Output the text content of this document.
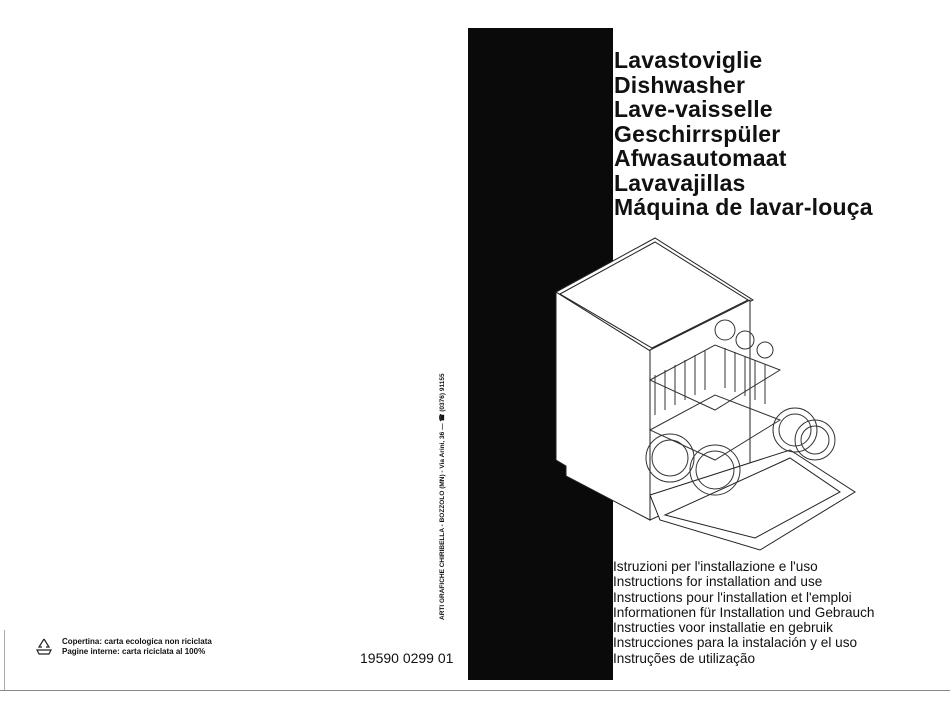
Lavastoviglie
Dishwasher
Lave-vaisselle
Geschirrspüler
Afwasautomaat
Lavavajillas
Máquina de lavar-louça
ARTI GRAFICHE CHIRIBELLA - BOZZOLO (MN) - Via Arini, 36 — ☎ (0376) 91155
Copertina: carta ecologica non riciclata
Pagine interne: carta riciclata al 100%	19590 0299 01
Istruzioni per l'installazione e l'uso
Instructions for installation and use
Instructions pour l'installation et l'emploi
Informationen für Installation und Gebrauch
Instructies voor installatie en gebruik
Instrucciones para la instalación y el uso
Instruções de utilização
